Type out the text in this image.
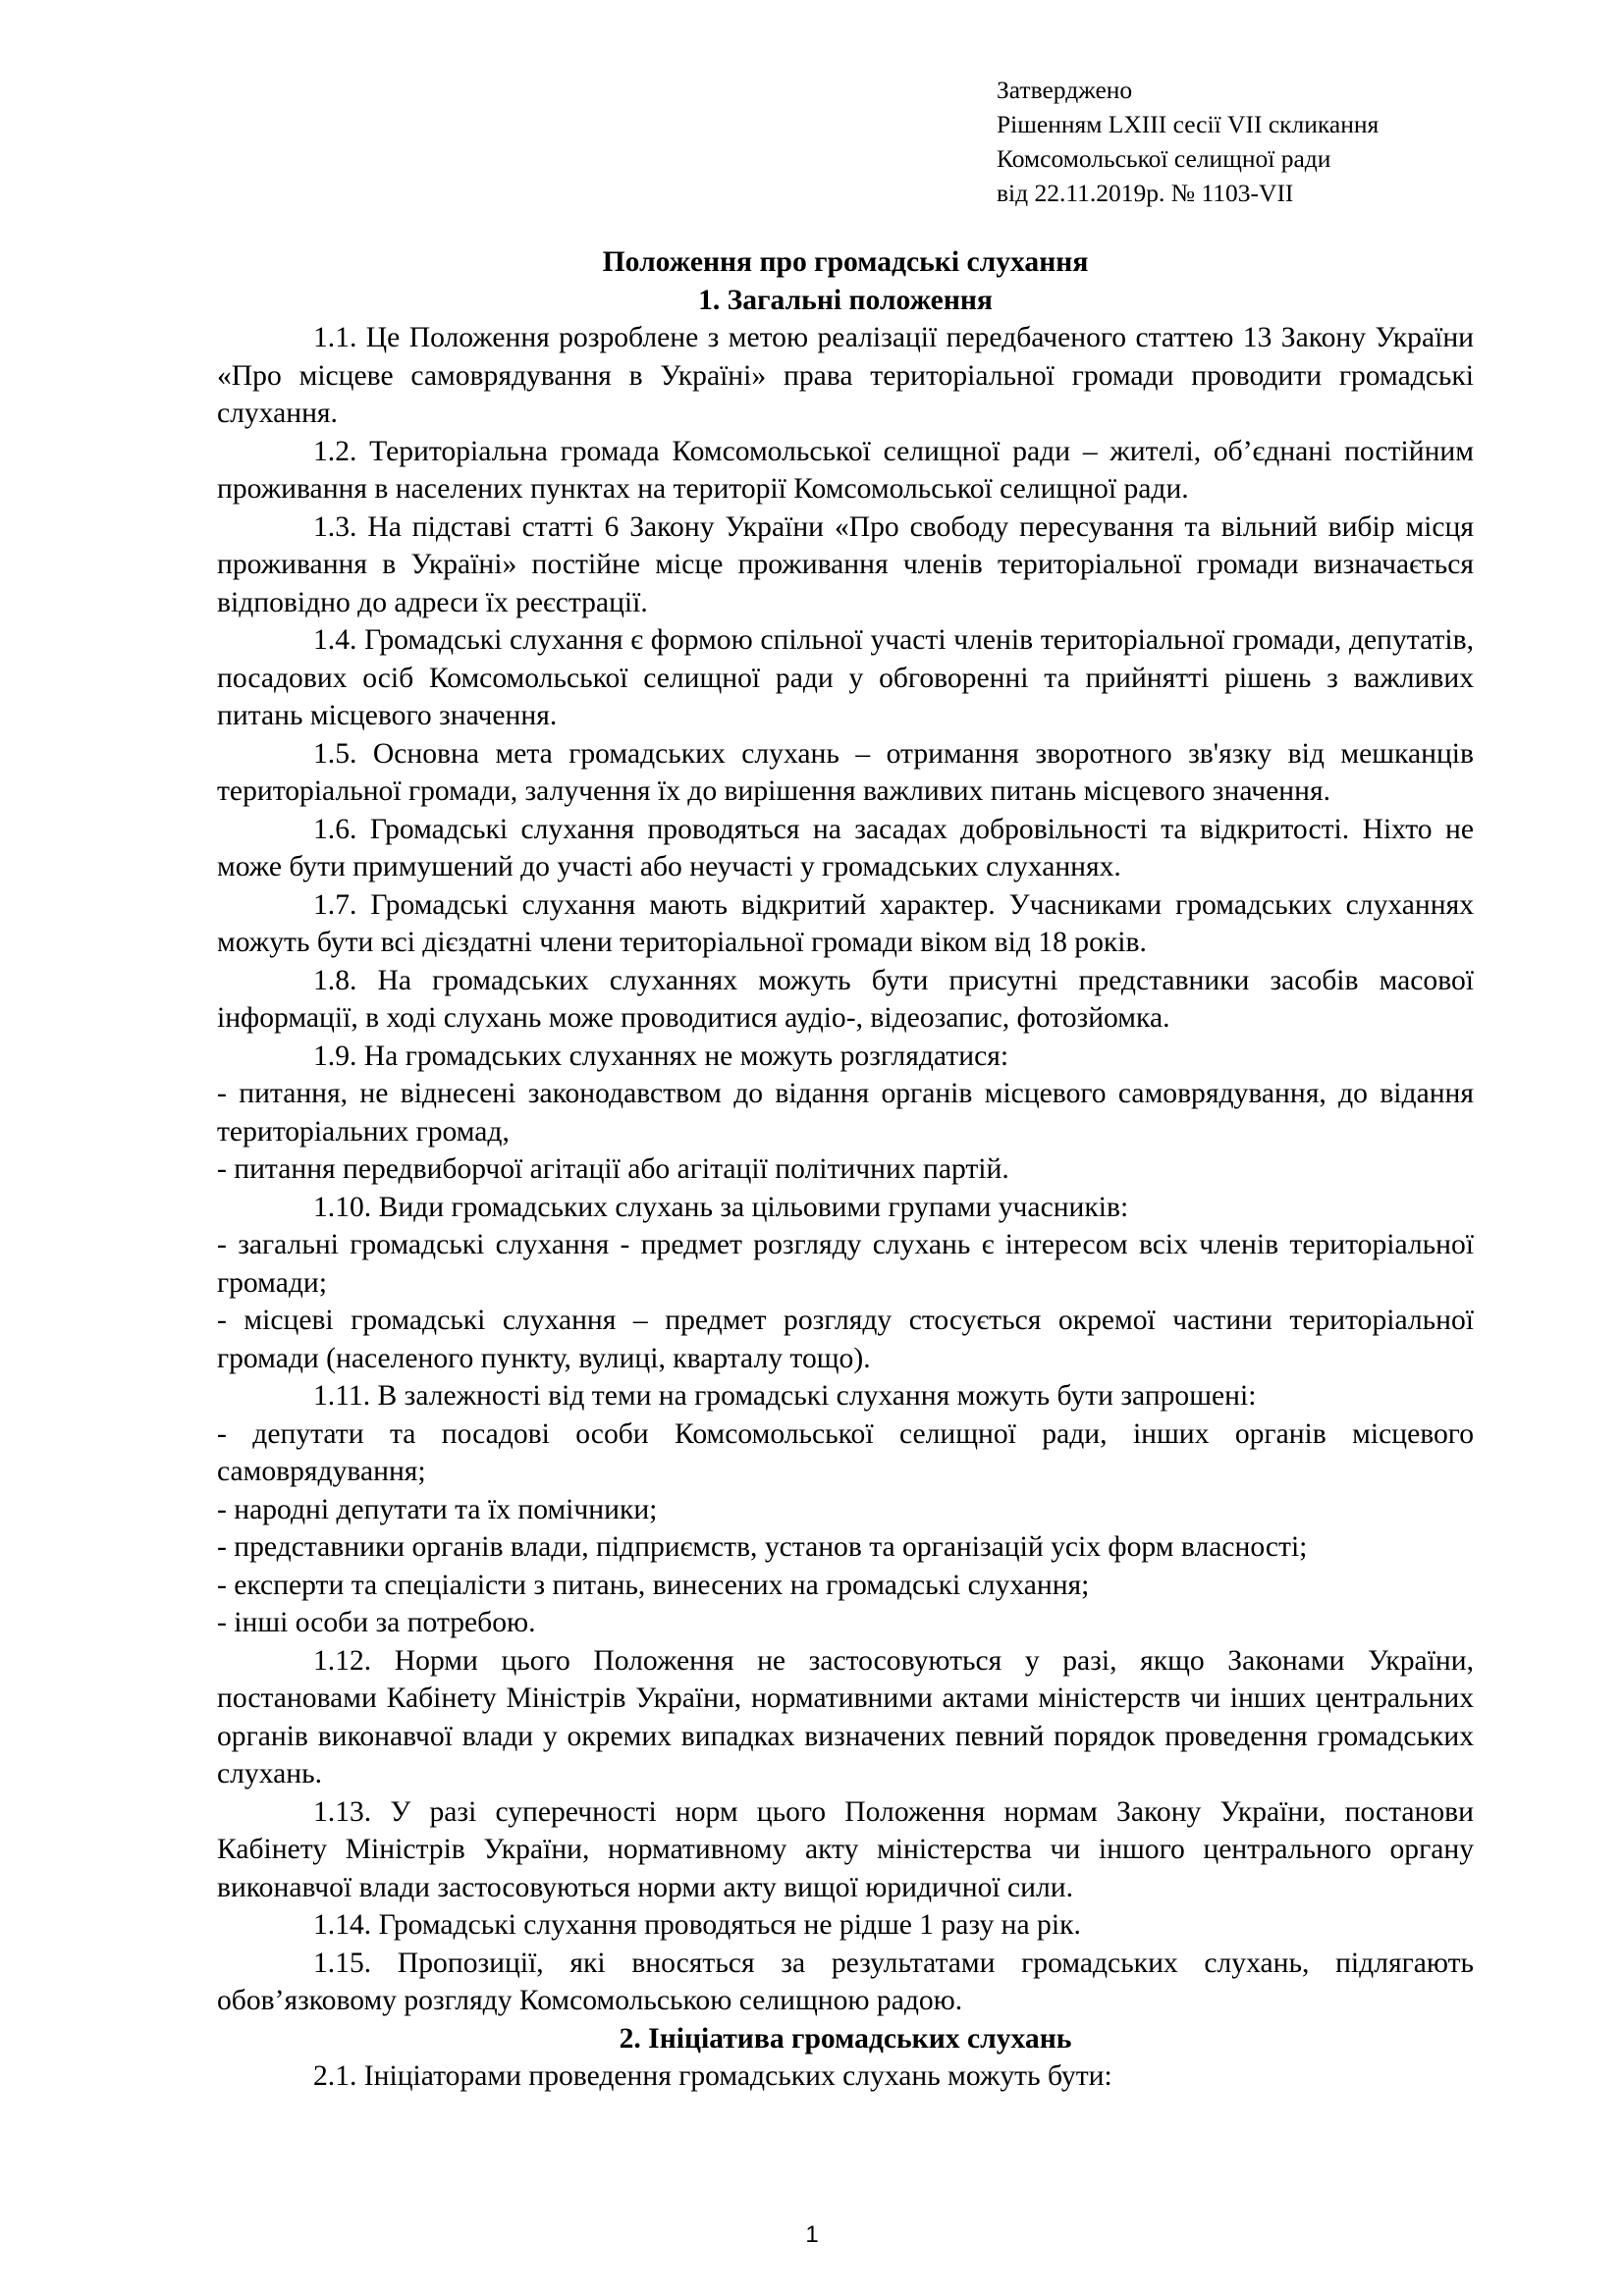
Затверджено
Рішенням LXIII сесії VII скликання
Комсомольської селищної ради
від 22.11.2019р. № 1103-VII
Положення про громадські слухання
1. Загальні положення

1.1. Це Положення розроблене з метою реалізації передбаченого статтею 13 Закону України «Про місцеве самоврядування в Україні» права територіальної громади проводити громадські слухання.

1.2. Територіальна громада Комсомольської селищної ради – жителі, об’єднані постійним проживання в населених пунктах на території Комсомольської селищної ради.

1.3. На підставі статті 6 Закону України «Про свободу пересування та вільний вибір місця проживання в Україні» постійне місце проживання членів територіальної громади визначається відповідно до адреси їх реєстрації.

1.4. Громадські слухання є формою спільної участі членів територіальної громади, депутатів, посадових осіб Комсомольської селищної ради у обговоренні та прийнятті рішень з важливих питань місцевого значення.

1.5. Основна мета громадських слухань – отримання зворотного зв'язку від мешканців територіальної громади, залучення їх до вирішення важливих питань місцевого значення.

1.6. Громадські слухання проводяться на засадах добровільності та відкритості. Ніхто не може бути примушений до участі або неучасті у громадських слуханнях.

1.7. Громадські слухання мають відкритий характер. Учасниками громадських слуханнях можуть бути всі дієздатні члени територіальної громади віком від 18 років.

1.8. На громадських слуханнях можуть бути присутні представники засобів масової інформації, в ході слухань може проводитися аудіо-, відеозапис, фотозйомка.

1.9. На громадських слуханнях не можуть розглядатися:

- питання, не віднесені законодавством до відання органів місцевого самоврядування, до відання територіальних громад,

- питання передвиборчої агітації або агітації політичних партій.

1.10. Види громадських слухань за цільовими групами учасників:

- загальні громадські слухання - предмет розгляду слухань є інтересом всіх членів територіальної громади;

- місцеві громадські слухання – предмет розгляду стосується окремої частини територіальної громади (населеного пункту, вулиці, кварталу тощо).

1.11. В залежності від теми на громадські слухання можуть бути запрошені:

- депутати та посадові особи Комсомольської селищної ради, інших органів місцевого самоврядування;

- народні депутати та їх помічники;

- представники органів влади, підприємств, установ та організацій усіх форм власності;

- експерти та спеціалісти з питань, винесених на громадські слухання;

- інші особи за потребою.

1.12. Норми цього Положення не застосовуються у разі, якщо Законами України, постановами Кабінету Міністрів України, нормативними актами міністерств чи інших центральних органів виконавчої влади у окремих випадках визначених певний порядок проведення громадських слухань.

1.13. У разі суперечності норм цього Положення нормам Закону України, постанови Кабінету Міністрів України, нормативному акту міністерства чи іншого центрального органу виконавчої влади застосовуються норми акту вищої юридичної сили.

1.14. Громадські слухання проводяться не рідше 1 разу на рік.

1.15. Пропозиції, які вносяться за результатами громадських слухань, підлягають обов’язковому розгляду Комсомольською селищною радою.

2. Ініціатива громадських слухань

2.1. Ініціаторами проведення громадських слухань можуть бути:

1
